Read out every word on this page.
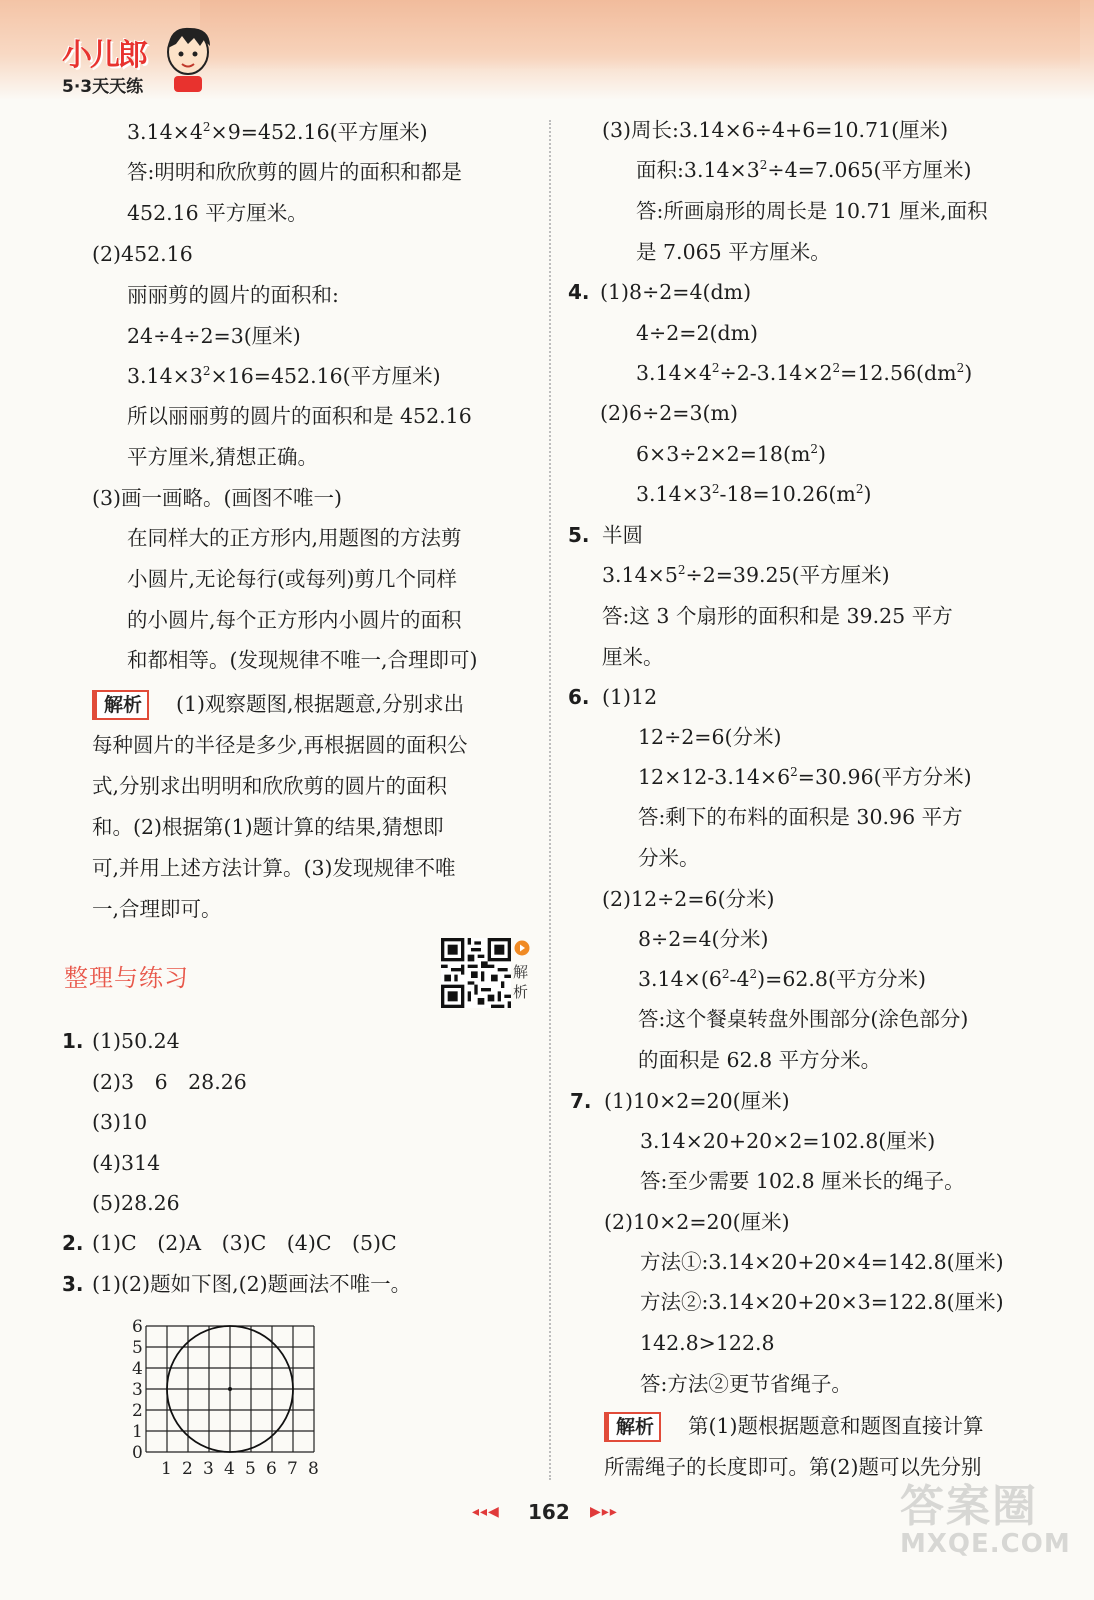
小儿郎
5·3天天练
$3.14\times 4^2\times 9=452.16$(平方厘米)
答:明明和欣欣剪的圆片的面积和都是
452.16 平方厘米。
(2)452.16
丽丽剪的圆片的面积和:
24÷4÷2=3(厘米)
$3.14\times 3^2\times 16=452.16$(平方厘米)
所以丽丽剪的圆片的面积和是 452.16
平方厘米,猜想正确。
(3)画一画略。(画图不唯一)
在同样大的正方形内,用题图的方法剪
小圆片,无论每行(或每列)剪几个同样
的小圆片,每个正方形内小圆片的面积
和都相等。(发现规律不唯一,合理即可)
解析	(1)观察题图,根据题意,分别求出
每种圆片的半径是多少,再根据圆的面积公
式,分别求出明明和欣欣剪的圆片的面积
和。(2)根据第(1)题计算的结果,猜想即
可,并用上述方法计算。(3)发现规律不唯
一,合理即可。
整理与练习	解析
1. (1)50.24
(2)3　6　28.26
(3)10
(4)314
(5)28.26
2. (1)C　(2)A　(3)C　(4)C　(5)C
3. (1)(2)题如下图,(2)题画法不唯一。
6
5
4
3
2
1
0
1 2 3 4 5 6 7 8
(3)周长:3.14×6÷4+6=10.71(厘米)
面积$:3.14\times 3^2\div 4=7.065$(平方厘米)
答:所画扇形的周长是 10.71 厘米,面积
是 7.065 平方厘米。
4. (1)8÷2=4(dm)
4÷2=2(dm)
$3.14\times 4^2\div 2-3.14\times 2^2=12.56(dm^2)$
(2)6÷2=3(m)
$6\times 3\div 2\times 2=18(m^2)$
$3.14\times 3^2-18=10.26(m^2)$
5. 半圆
$3.14\times 5^2\div 2=39.25$(平方厘米)
答:这 3 个扇形的面积和是 39.25 平方
厘米。
6. (1)12
12÷2=6(分米)
$12\times 12-3.14\times 6^2=30.96$(平方分米)
答:剩下的布料的面积是 30.96 平方
分米。
(2)12÷2=6(分米)
8÷2=4(分米)
$3.14\times(6^2-4^2)=62.8$(平方分米)
答:这个餐桌转盘外围部分(涂色部分)
的面积是 62.8 平方分米。
7. (1)10×2=20(厘米)
3.14×20+20×2=102.8(厘米)
答:至少需要 102.8 厘米长的绳子。
(2)10×2=20(厘米)
方法①:3.14×20+20×4=142.8(厘米)
方法②:3.14×20+20×3=122.8(厘米)
142.8>122.8
答:方法②更节省绳子。
解析	第(1)题根据题意和题图直接计算
所需绳子的长度即可。第(2)题可以先分别
◂◂◀ 162 ▶▸▸	答案圈
MXQE.COM
